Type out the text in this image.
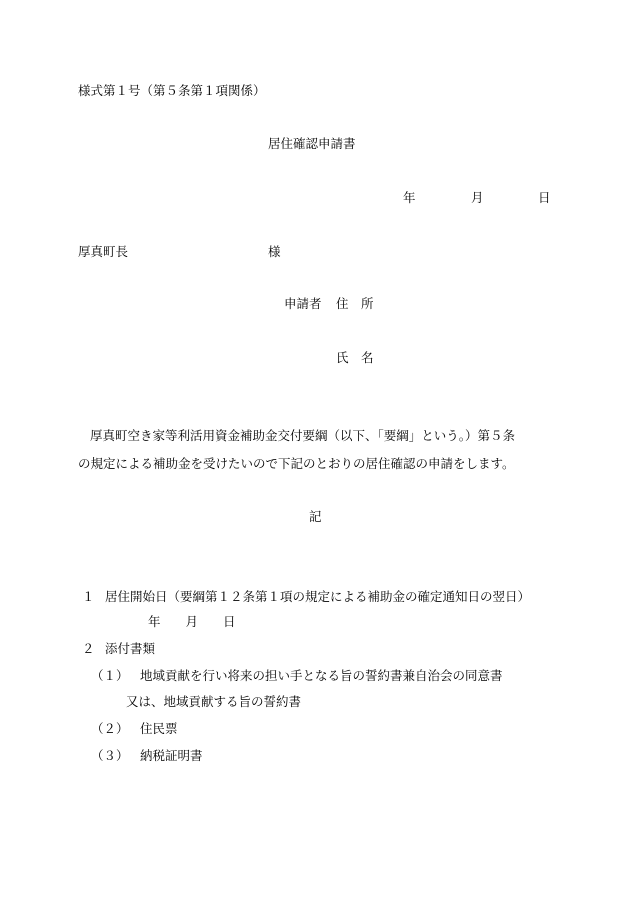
様式第１号（第５条第１項関係）
居住確認申請書
年	月	日
厚真町長	様
申請者 住　所
氏　名
厚真町空き家等利活用資金補助金交付要綱（以下、「要綱」という。）第５条
の規定による補助金を受けたいので下記のとおりの居住確認の申請をします。
記
１ 居住開始日（要綱第１２条第１項の規定による補助金の確定通知日の翌日）
年　　月　　日
２ 添付書類
（１） 地域貢献を行い将来の担い手となる旨の誓約書兼自治会の同意書
又は、地域貢献する旨の誓約書
（２） 住民票
（３） 納税証明書
